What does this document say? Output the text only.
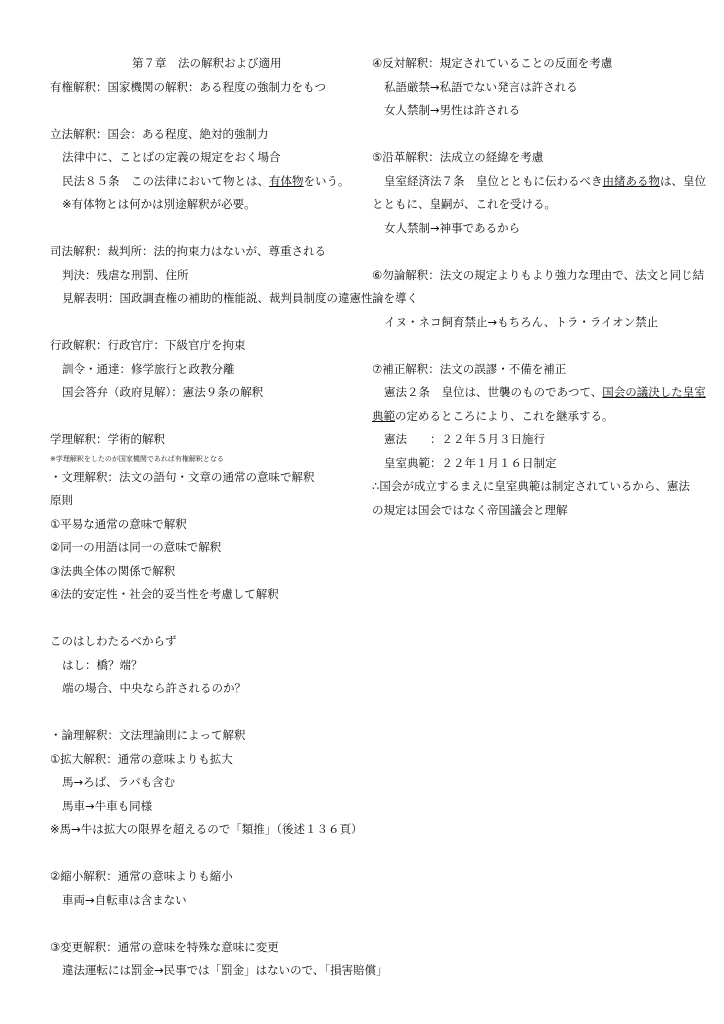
第７章　法の解釈および適用
有権解釈：国家機関の解釈：ある程度の強制力をもつ
立法解釈：国会：ある程度、絶対的強制力
法律中に、ことばの定義の規定をおく場合
民法８５条　この法律において物とは、有体物をいう。
※有体物とは何かは別途解釈が必要。
司法解釈：裁判所：法的拘束力はないが、尊重される
判決：残虐な刑罰、住所
見解表明：国政調査権の補助的権能説、裁判員制度の違憲性
行政解釈：行政官庁：下級官庁を拘束
訓令・通達：修学旅行と政教分離
国会答弁（政府見解）：憲法９条の解釈
学理解釈：学術的解釈
※学理解釈をしたのが国家機関であれば有権解釈となる
・文理解釈：法文の語句・文章の通常の意味で解釈
原則
①平易な通常の意味で解釈
②同一の用語は同一の意味で解釈
③法典全体の関係で解釈
④法的安定性・社会的妥当性を考慮して解釈
このはしわたるべからず
はし：橋？端？
端の場合、中央なら許されるのか？
・論理解釈：文法理論則によって解釈
①拡大解釈：通常の意味よりも拡大
馬→ろば、ラバも含む
馬車→牛車も同様
※馬→牛は拡大の限界を超えるので「類推」（後述１３６頁）
②縮小解釈：通常の意味よりも縮小
車両→自転車は含まない
③変更解釈：通常の意味を特殊な意味に変更
違法運転には罰金→民事では「罰金」はないので、「損害賠償」
④反対解釈：規定されていることの反面を考慮
私語厳禁→私語でない発言は許される
女人禁制→男性は許される
⑤沿革解釈：法成立の経緯を考慮
皇室経済法７条　皇位とともに伝わるべき由緒ある物は、皇位
とともに、皇嗣が、これを受ける。
女人禁制→神事であるから
⑥勿論解釈：法文の規定よりもより強力な理由で、法文と同じ結
論を導く
イヌ・ネコ飼育禁止→もちろん、トラ・ライオン禁止
⑦補正解釈：法文の誤謬・不備を補正
憲法２条　皇位は、世襲のものであつて、国会の議決した皇室
典範の定めるところにより、これを継承する。
憲法　　：２２年５月３日施行
皇室典範：２２年１月１６日制定
∴国会が成立するまえに皇室典範は制定されているから、憲法
の規定は国会ではなく帝国議会と理解
